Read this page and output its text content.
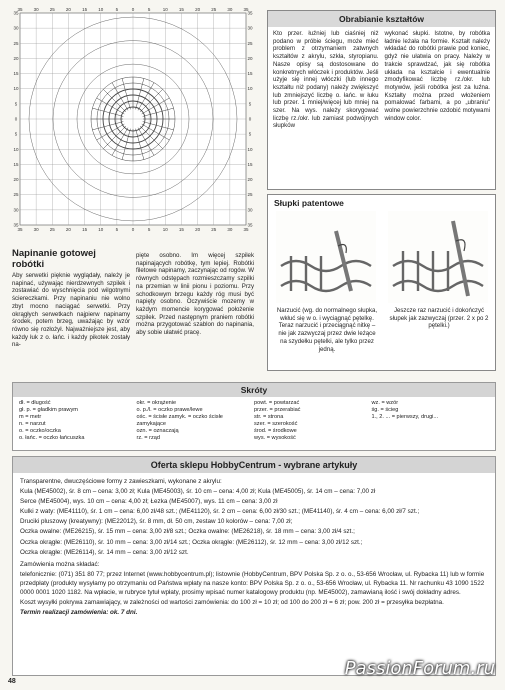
35 30 25 20 15 10	5	0	5	10 15 20 25 30 35
35 30 25 20 15 10	5	0	5	10 15 20 25 30 35
35
30
25
20
15
10
5
0
5
10
15
20
25
30
35
35
30
25
20
15
10
5
0
5
10
15
20
25
30
35
Napinanie gotowej robótki
Aby serwetki pięknie wyglądały, należy je napinać, używając nierdzewnych szpilek i zostawiać do wyschnięcia pod wilgotnymi ściereczkami. Przy napinaniu nie wolno zbyt mocno naciągać serwetki. Przy okrągłych serwetkach najpierw napinamy środek, potem brzeg, uważając by wzór równo się rozłożył. Najważniejsze jest, aby każdy łuk z o. łańc. i każdy pikotek zostały na-
pięte osobno. Im więcej szpilek napinających robótkę, tym lepiej. Robótki filetowe napinamy, zaczynając od rogów. W równych odstępach rozmieszczamy szpilki na przemian w linii pionu i poziomu. Przy schodkowym brzegu każdy róg musi być napięty osobno. Oczywiście mozemy w każdym momencie korygować położenie szpilek. Przed następnym praniem robótki można przygotować szablon do napinania, aby sobie ułatwić pracę.
Obrabianie kształtów
Kto przer. łuźniej lub ciaśniej niż podano w próbie ściegu, może mieć problem z otrzymaniem zatwnych kształtów z akrylu, szkła, styropianu. Nasze opisy są dostosowane do konkretnych włóczek i produktów. Jeśli użyje się innej włóczki (lub innego kształtu niż podany) należy zwiększyć lub zmniejszyć liczbę o. łańc. w łuku lub przer. 1 mniej/więcej lub mniej na szer. Na wys. należy skorygować liczbę rz./okr. lub zamiast podwójnych słupków
wykonać słupki. Istotne, by robótka ładnie leżała na formie. Kształt należy wkładać do robótki prawie pod koniec, gdyż nie ułatwia on pracy. Należy w trakcie sprawdzać, jak się robótka układa na kształcie i ewentualnie zmodyfikować liczbę rz./okr. lub motywów, jeśli robótka jest za luźna. Kształty można przed włożeniem pomalować farbami, a po „ubraniu" wolne powierzchnie ozdobić motywami window color.
Słupki patentowe
Narzucić (wg. do normalnego słupka, wkłuć się w o. i wyciągnąć pętelkę. Teraz narzucić i przeciągnąć nitkę – nie jak zazwyczaj przez dwie leżące na szydełku pętelki, ale tylko przez jedną.
Jeszcze raz narzucić i dokończyć słupek jak zazwyczaj (przer. 2 x po 2 pętelki.)
Skróty
dł. = długość
gł. p. = gładkim prawym
m = metr
n. = narzut
o. = oczko/oczka
o. łańc. = oczko łańcuszka
okr. = okrążenie
o. p./l. = oczko prawe/lewe
ośc. = ścisłe zamyk. = oczko ścisłe
zamykające
ozn. = oznaczają
rz. = rząd
powt. = powtarzać
przer. = przerabiać
str. = strona
szer. = szerokość
środ. = środkowe
wys. = wysokość
wz. = wzór
śg. = ścieg
1., 2. ... = pierwszy, drugi...
Oferta sklepu HobbyCentrum - wybrane artykuły

Transparentne, dwuczęściowe formy z zawieszkami, wykonane z akrylu:

Kula (ME45002), śr. 8 cm – cena: 3,00 zł; Kula (ME45003), śr. 10 cm – cena: 4,00 zł; Kula (ME45005), śr. 14 cm – cena: 7,00 zł

Serce (ME45004), wys. 10 cm – cena: 4,00 zł; Łezka (ME45007), wys. 11 cm – cena: 3,00 zł

Kulki z waty: (ME41110), śr. 1 cm – cena: 6,00 zł/48 szt.; (ME41120), śr. 2 cm – cena: 6,00 zł/30 szt.; (ME41140), śr. 4 cm – cena: 6,00 zł/7 szt.;

Druciki pluszowy (kreatywny): (ME22012), śr. 8 mm, dł. 50 cm, zestaw 10 kolorów – cena: 7,00 zł;

Oczka owalne: (ME26215), śr. 15 mm – cena: 3,00 zł/8 szt.; Oczka owalne: (ME26218), śr. 18 mm – cena: 3,00 zł/4 szt.;

Oczka okrągłe: (ME26110), śr. 10 mm – cena: 3,00 zł/14 szt.; Oczka okrągłe: (ME26112), śr. 12 mm – cena: 3,00 zł/12 szt.;

Oczka okrągłe: (ME26114), śr. 14 mm – cena: 3,00 zł/12 szt.

Zamówienia można składać:

telefonicznie: (071) 351 80 77; przez Internet (www.hobbycentrum.pl); listownie (HobbyCentrum, BPV Polska Sp. z o. o., 53-656 Wrocław, ul. Rybacka 11) lub w formie przedpłaty (produkty wysyłamy po otrzymaniu od Państwa wpłaty na nasze konto: BPV Polska Sp. z o. o., 53-656 Wrocław, ul. Rybacka 11. Nr rachunku 43 1090 1522 0000 0001 1020 1182. Na wpłacie, w rubryce tytuł wpłaty, prosimy wpisać numer katalogowy produktu (np. ME45002), zamawianą ilość i swój dokładny adres.

Koszt wysyłki pokrywa zamawiający, w zależności od wartości zamówienia: do 100 zł = 10 zł; od 100 do 200 zł = 6 zł; pow. 200 zł = przesyłka bezpłatna.

Termin realizacji zamówienia: ok. 7 dni.

48
PassionForum.ru
